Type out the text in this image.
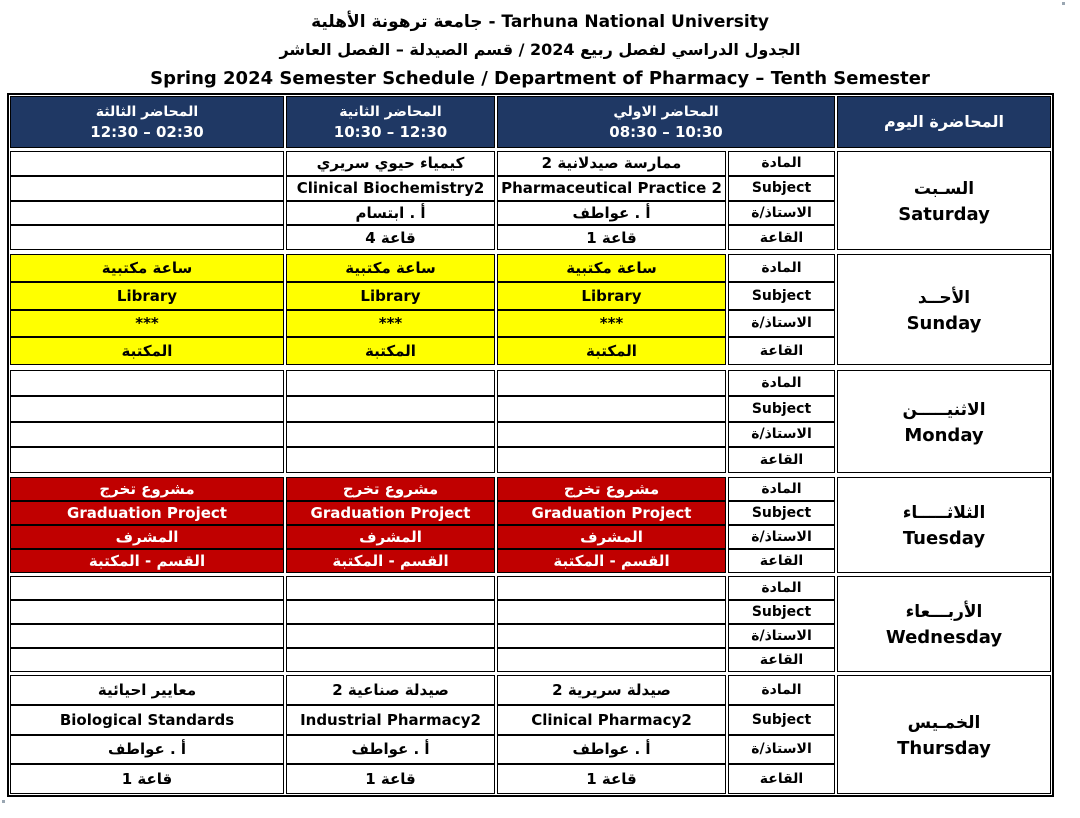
جامعة ترهونة الأهلية - Tarhuna National University
الجدول الدراسي لفصل ربيع 2024 / قسم الصيدلة – الفصل العاشر
Spring 2024 Semester Schedule / Department of Pharmacy – Tenth Semester
المحاضرة اليوم
المحاضر الاولي
08:30 – 10:30
المحاضر الثانية
10:30 – 12:30
المحاضر الثالثة
12:30 – 02:30
السـبت
Saturday
المادة
Subject
الاستاذ/ة
القاعة
ممارسة صيدلانية 2
Pharmaceutical Practice 2
أ . عواطف
قاعة 1
كيمياء حيوي سريري
Clinical Biochemistry2
أ . ابتسام
قاعة 4
الأحــد
Sunday
المادة
Subject
الاستاذ/ة
القاعة
ساعة مكتبية
Library
***
المكتبة
ساعة مكتبية
Library
***
المكتبة
ساعة مكتبية
Library
***
المكتبة
الاثنيـــــن
Monday
المادة
Subject
الاستاذ/ة
القاعة
الثلاثـــــاء
Tuesday
المادة
Subject
الاستاذ/ة
القاعة
مشروع تخرج
Graduation Project
المشرف
القسم - المكتبة
مشروع تخرج
Graduation Project
المشرف
القسم - المكتبة
مشروع تخرج
Graduation Project
المشرف
القسم - المكتبة
الأربـــعاء
Wednesday
المادة
Subject
الاستاذ/ة
القاعة
الخمـيس
Thursday
المادة
Subject
الاستاذ/ة
القاعة
صيدلة سريرية 2
Clinical Pharmacy2
أ . عواطف
قاعة 1
صيدلة صناعية 2
Industrial Pharmacy2
أ . عواطف
قاعة 1
معايير احيائية
Biological Standards
أ . عواطف
قاعة 1
